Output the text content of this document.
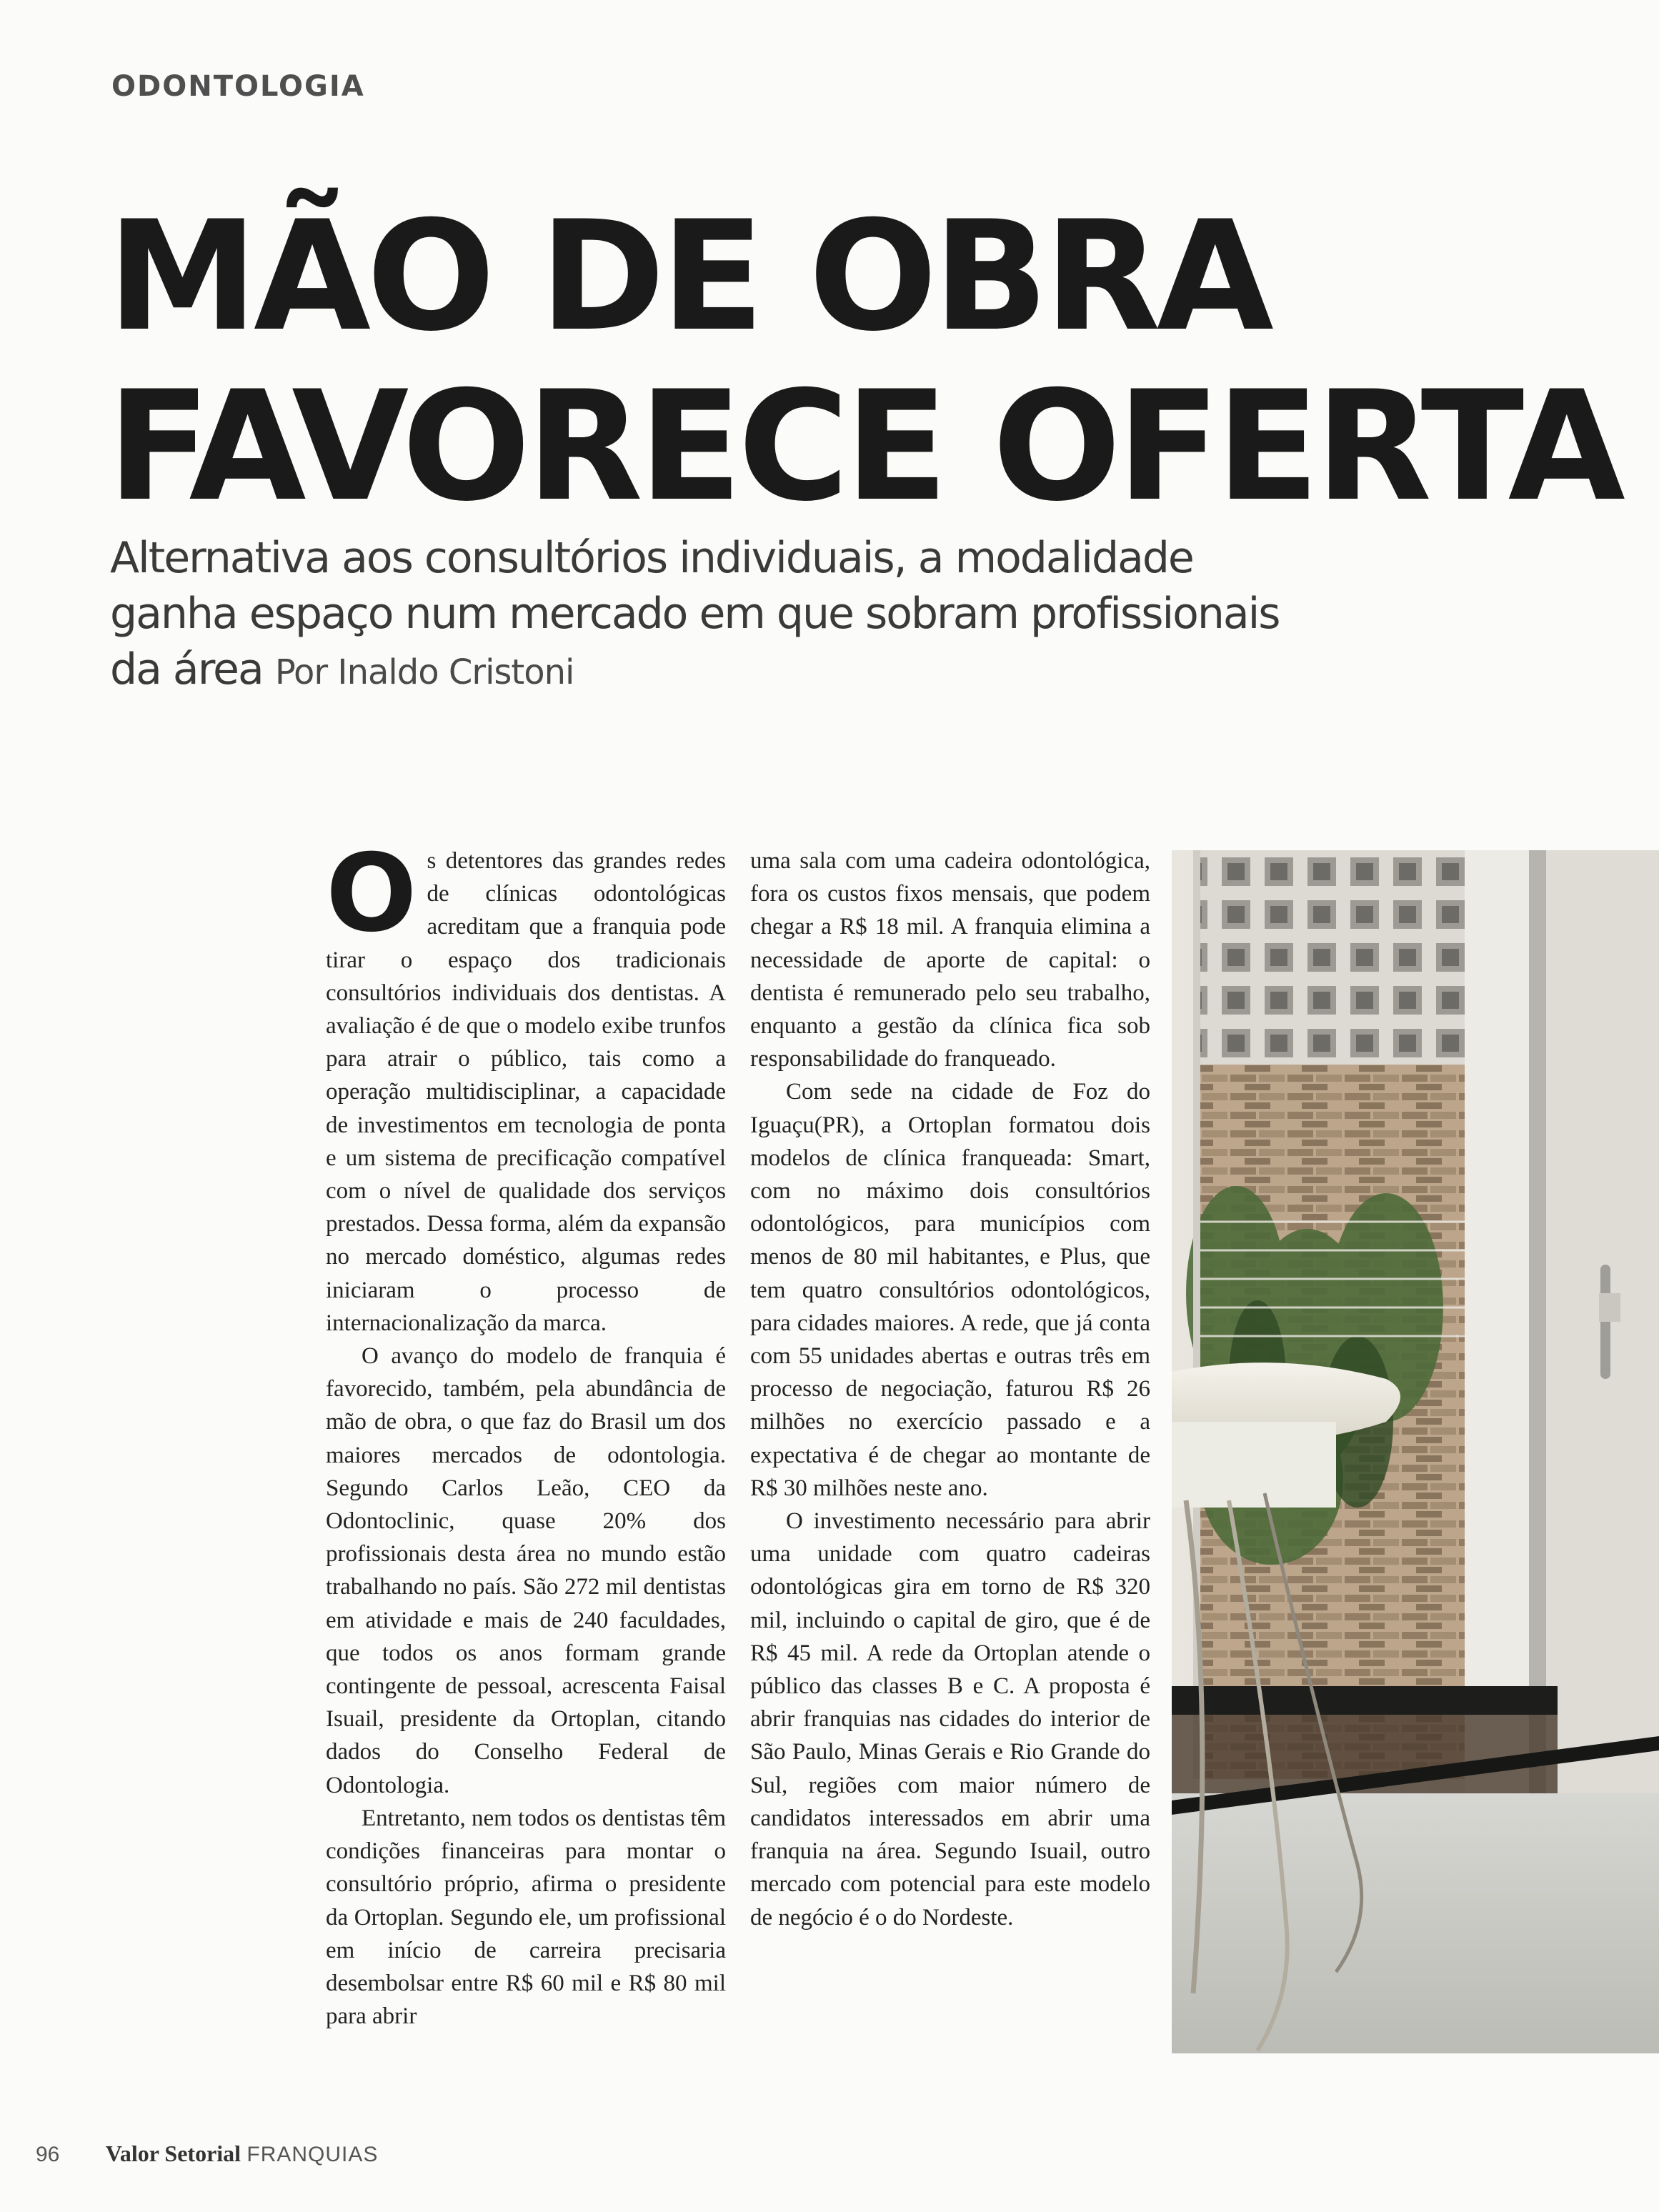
ODONTOLOGIA
MÃO DE OBRA
FAVORECE OFERTA
Alternativa aos consultórios individuais, a modalidade
ganha espaço num mercado em que sobram profissionais
da área Por Inaldo Cristoni

Os detentores das grandes redes de clínicas odontológicas acreditam que a franquia pode tirar o espaço dos tradicionais consultórios individuais dos dentistas. A avaliação é de que o modelo exibe trunfos para atrair o público, tais como a operação multidisciplinar, a capacidade de investimentos em tecnologia de ponta e um sistema de precificação compatível com o nível de qualidade dos serviços prestados. Dessa forma, além da expansão no mercado doméstico, algumas redes iniciaram o processo de internacionalização da marca.

O avanço do modelo de franquia é favorecido, também, pela abundância de mão de obra, o que faz do Brasil um dos maiores mercados de odontologia. Segundo Carlos Leão, CEO da Odontoclinic, quase 20% dos profissionais desta área no mundo estão trabalhando no país. São 272 mil dentistas em atividade e mais de 240 faculdades, que todos os anos formam grande contingente de pessoal, acrescenta Faisal Isuail, presidente da Ortoplan, citando dados do Conselho Federal de Odontologia.

Entretanto, nem todos os dentistas têm condições financeiras para montar o consultório próprio, afirma o presidente da Ortoplan. Segundo ele, um profissional em início de carreira precisaria desembolsar entre R$ 60 mil e R$ 80 mil para abrir

uma sala com uma cadeira odontológica, fora os custos fixos mensais, que podem chegar a R$ 18 mil. A franquia elimina a necessidade de aporte de capital: o dentista é remunerado pelo seu trabalho, enquanto a gestão da clínica fica sob responsabilidade do franqueado.

Com sede na cidade de Foz do Iguaçu(PR), a Ortoplan formatou dois modelos de clínica franqueada: Smart, com no máximo dois consultórios odontológicos, para municípios com menos de 80 mil habitantes, e Plus, que tem quatro consultórios odontológicos, para cidades maiores. A rede, que já conta com 55 unidades abertas e outras três em processo de negociação, faturou R$ 26 milhões no exercício passado e a expectativa é de chegar ao montante de R$ 30 milhões neste ano.

O investimento necessário para abrir uma unidade com quatro cadeiras odontológicas gira em torno de R$ 320 mil, incluindo o capital de giro, que é de R$ 45 mil. A rede da Ortoplan atende o público das classes B e C. A proposta é abrir franquias nas cidades do interior de São Paulo, Minas Gerais e Rio Grande do Sul, regiões com maior número de candidatos interessados em abrir uma franquia na área. Segundo Isuail, outro mercado com potencial para este modelo de negócio é o do Nordeste.

96 Valor Setorial FRANQUIAS
